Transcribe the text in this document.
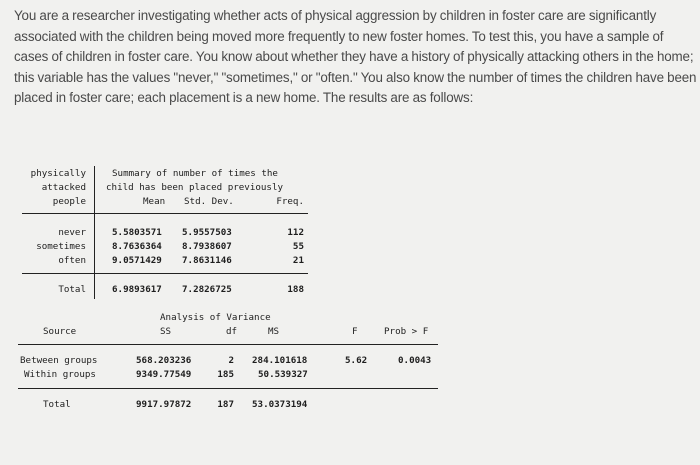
You are a researcher investigating whether acts of physical aggression by children in foster care are significantly associated with the children being moved more frequently to new foster homes. To test this, you have a sample of cases of children in foster care. You know about whether they have a history of physically attacking others in the home; this variable has the values "never," "sometimes," or "often." You also know the number of times the children have been placed in foster care; each placement is a new home. The results are as follows:
physically
attacked
people
Summary of number of times the
child has been placed previously
Mean Std. Dev.	Freq.
never	5.5803571 5.9557503	112
sometimes	8.7636364 8.7938607	55
often	9.0571429 7.8631146	21
Total	6.9893617 7.2826725	188
Analysis of Variance
Source	SS	df	MS	F	Prob > F
Between groups	568.203236	2 284.101618	5.62	0.0043
Within groups	9349.77549	185	50.539327
Total	9917.97872	187 53.0373194
